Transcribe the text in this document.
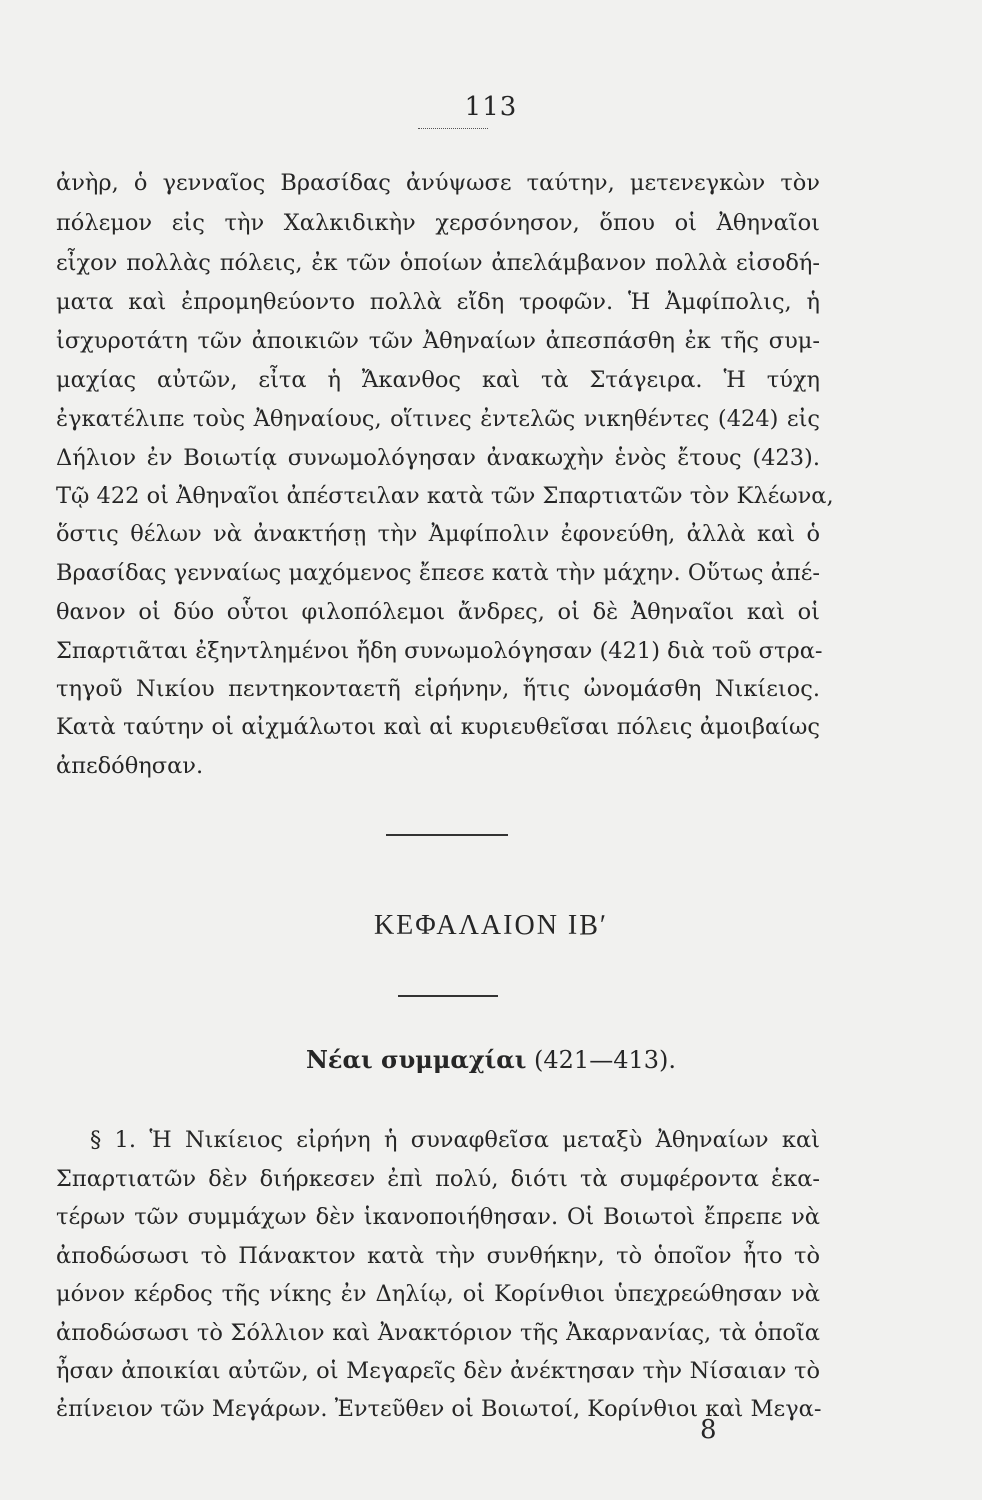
113
ἀνὴρ, ὁ γενναῖος Βρασίδας ἀνύψωσε ταύτην, μετενεγκὼν τὸν
πόλεμον εἰς τὴν Χαλκιδικὴν χερσόνησον, ὅπου οἱ Ἀθηναῖοι
εἶχον πολλὰς πόλεις, ἐκ τῶν ὁποίων ἀπελάμβανον πολλὰ εἰσοδή-
ματα καὶ ἐπρομηθεύοντο πολλὰ εἴδη τροφῶν. Ἡ Ἀμφίπολις, ἡ
ἰσχυροτάτη τῶν ἀποικιῶν τῶν Ἀθηναίων ἀπεσπάσθη ἐκ τῆς συμ-
μαχίας αὐτῶν, εἶτα ἡ Ἄκανθος καὶ τὰ Στάγειρα. Ἡ τύχη
ἐγκατέλιπε τοὺς Ἀθηναίους, οἵτινες ἐντελῶς νικηθέντες (424) εἰς
Δήλιον ἐν Βοιωτίᾳ συνωμολόγησαν ἀνακωχὴν ἑνὸς ἔτους (423).
Τῷ 422 οἱ Ἀθηναῖοι ἀπέστειλαν κατὰ τῶν Σπαρτιατῶν τὸν Κλέωνα,
ὅστις θέλων νὰ ἀνακτήσῃ τὴν Ἀμφίπολιν ἐφονεύθη, ἀλλὰ καὶ ὁ
Βρασίδας γενναίως μαχόμενος ἔπεσε κατὰ τὴν μάχην. Οὕτως ἀπέ-
θανον οἱ δύο οὗτοι φιλοπόλεμοι ἄνδρες, οἱ δὲ Ἀθηναῖοι καὶ οἱ
Σπαρτιᾶται ἐξηντλημένοι ἤδη συνωμολόγησαν (421) διὰ τοῦ στρα-
τηγοῦ Νικίου πεντηκονταετῆ εἰρήνην, ἥτις ὠνομάσθη Νικίειος.
Κατὰ ταύτην οἱ αἰχμάλωτοι καὶ αἱ κυριευθεῖσαι πόλεις ἀμοιβαίως
ἀπεδόθησαν.
ΚΕΦΑΛΑΙΟΝ ΙΒʹ
Νέαι συμμαχίαι (421—413).
§ 1. Ἡ Νικίειος εἰρήνη ἡ συναφθεῖσα μεταξὺ Ἀθηναίων καὶ
Σπαρτιατῶν δὲν διήρκεσεν ἐπὶ πολύ, διότι τὰ συμφέροντα ἑκα-
τέρων τῶν συμμάχων δὲν ἱκανοποιήθησαν. Οἱ Βοιωτοὶ ἔπρεπε νὰ
ἀποδώσωσι τὸ Πάνακτον κατὰ τὴν συνθήκην, τὸ ὁποῖον ἦτο τὸ
μόνον κέρδος τῆς νίκης ἐν Δηλίῳ, οἱ Κορίνθιοι ὑπεχρεώθησαν νὰ
ἀποδώσωσι τὸ Σόλλιον καὶ Ἀνακτόριον τῆς Ἀκαρνανίας, τὰ ὁποῖα
ἦσαν ἀποικίαι αὐτῶν, οἱ Μεγαρεῖς δὲν ἀνέκτησαν τὴν Νίσαιαν τὸ
ἐπίνειον τῶν Μεγάρων. Ἐντεῦθεν οἱ Βοιωτοί, Κορίνθιοι καὶ Μεγα-
8
